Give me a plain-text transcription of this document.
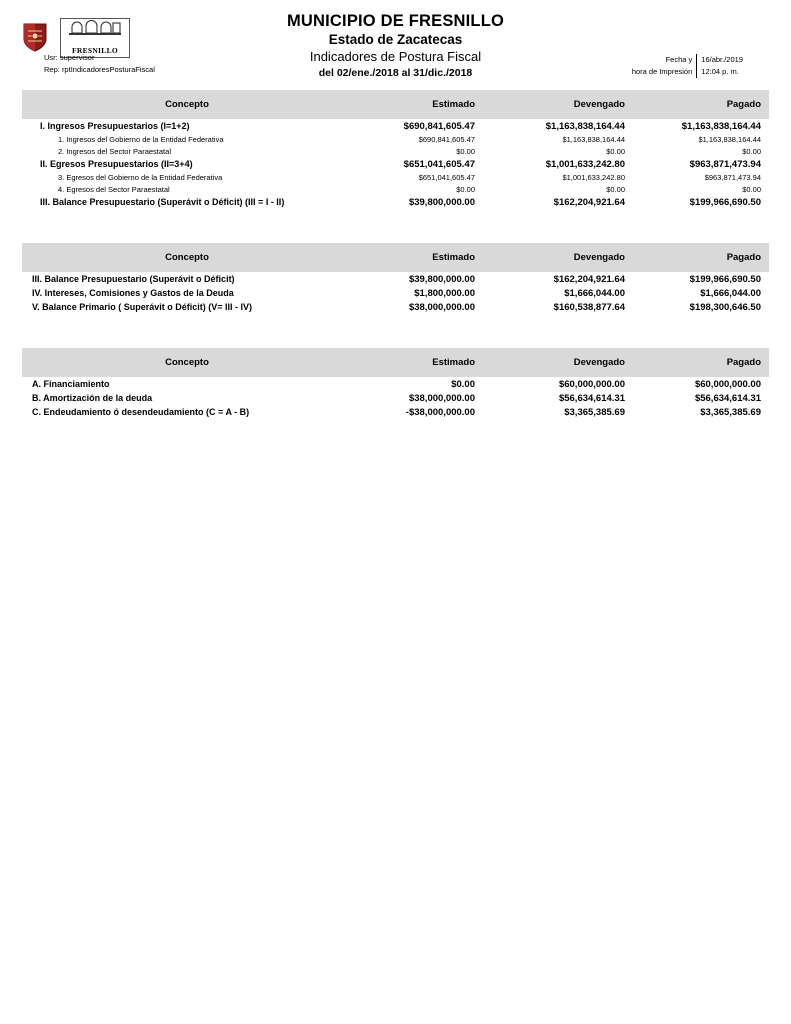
FRESNILLO
MUNICIPIO DE FRESNILLO
Estado de Zacatecas
Indicadores de Postura Fiscal
del 02/ene./2018 al 31/dic./2018
Usr: supervisor
Rep: rptIndicadoresPosturaFiscal
Fecha y	16/abr./2019
hora de Impresión	12:04 p. m.
Concepto	Estimado	Devengado	Pagado
I. Ingresos Presupuestarios (I=1+2)	$690,841,605.47	$1,163,838,164.44	$1,163,838,164.44
1. Ingresos del Gobierno de la Entidad Federativa	$690,841,605.47	$1,163,838,164.44	$1,163,838,164.44
2. Ingresos del Sector Paraestatal	$0.00	$0.00	$0.00
II. Egresos Presupuestarios (II=3+4)	$651,041,605.47	$1,001,633,242.80	$963,871,473.94
3. Egresos del Gobierno de la Entidad Federativa	$651,041,605.47	$1,001,633,242.80	$963,871,473.94
4. Egresos del Sector Paraestatal	$0.00	$0.00	$0.00
III. Balance Presupuestario (Superávit o Déficit) (III = I - II)	$39,800,000.00	$162,204,921.64	$199,966,690.50
Concepto	Estimado	Devengado	Pagado
III. Balance Presupuestario (Superávit o Déficit)	$39,800,000.00	$162,204,921.64	$199,966,690.50
IV. Intereses, Comisiones y Gastos de la Deuda	$1,800,000.00	$1,666,044.00	$1,666,044.00
V. Balance Primario ( Superávit o Déficit) (V= III - IV)	$38,000,000.00	$160,538,877.64	$198,300,646.50
Concepto	Estimado	Devengado	Pagado
A. Financiamiento	$0.00	$60,000,000.00	$60,000,000.00
B. Amortización de la deuda	$38,000,000.00	$56,634,614.31	$56,634,614.31
C. Endeudamiento ó desendeudamiento (C = A - B)	-$38,000,000.00	$3,365,385.69	$3,365,385.69
